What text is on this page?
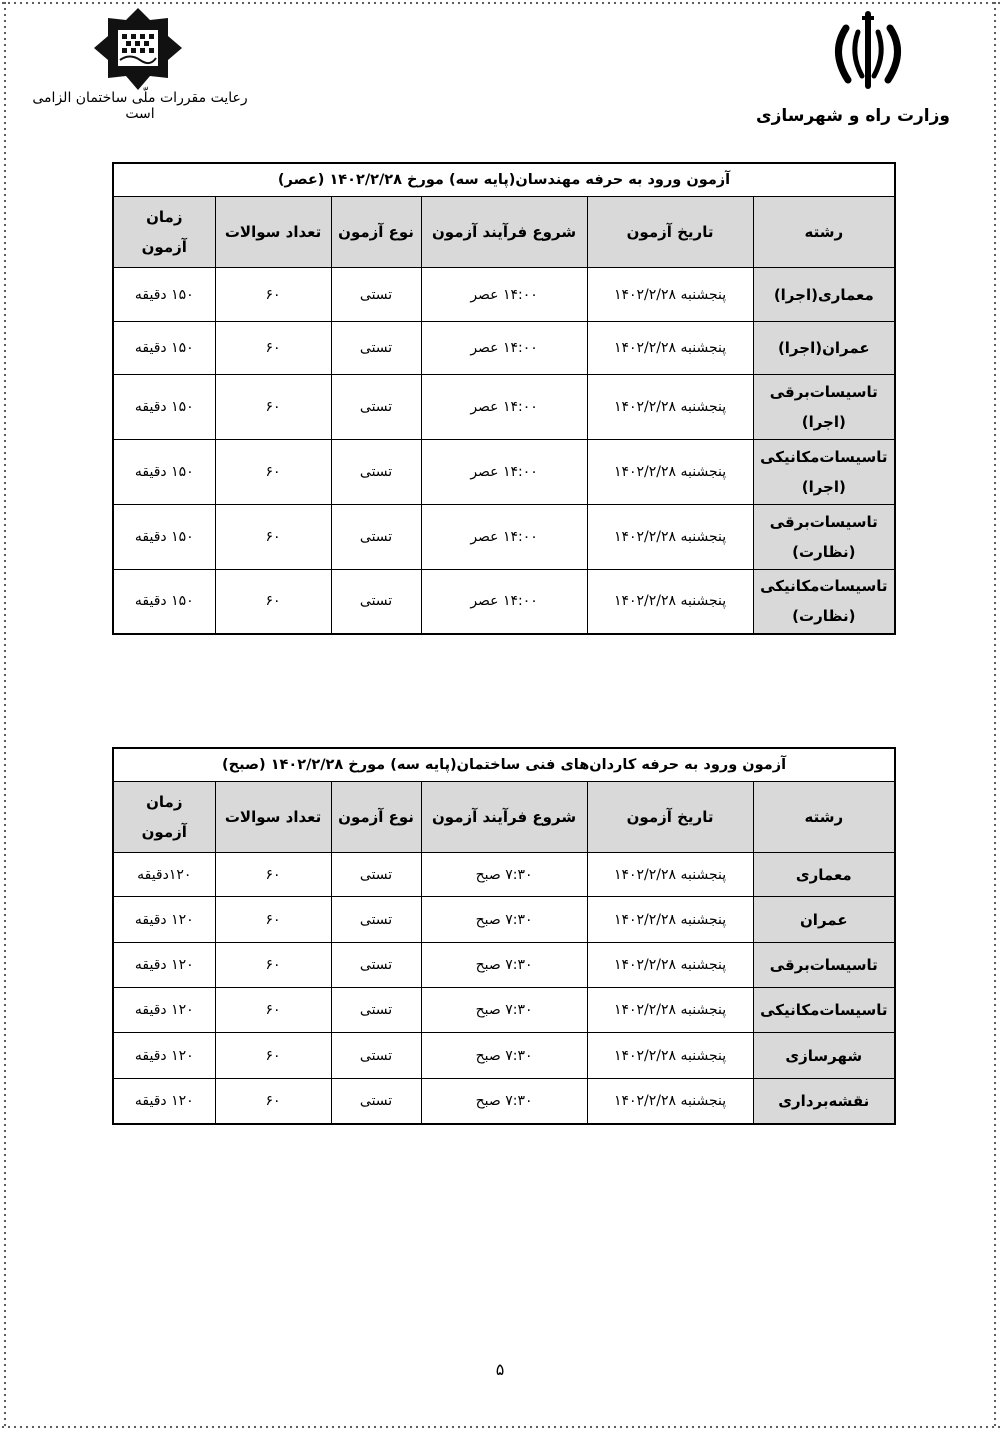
رعایت مقررات ملّی ساختمان الزامی است	وزارت راه و شهرسازی
آزمون ورود به حرفه مهندسان(پایه سه) مورخ ۱۴۰۲/۲/۲۸ (عصر)					
رشته	تاریخ آزمون	شروع فرآیند آزمون	نوع آزمون	تعداد سوالات	زمان آزمون
معماری(اجرا)	پنجشنبه ۱۴۰۲/۲/۲۸	۱۴:۰۰ عصر	تستی	۶۰	۱۵۰ دقیقه
عمران(اجرا)	پنجشنبه ۱۴۰۲/۲/۲۸	۱۴:۰۰ عصر	تستی	۶۰	۱۵۰ دقیقه
تاسیسات‌برقی (اجرا)	پنجشنبه ۱۴۰۲/۲/۲۸	۱۴:۰۰ عصر	تستی	۶۰	۱۵۰ دقیقه
تاسیسات‌مکانیکی (اجرا)	پنجشنبه ۱۴۰۲/۲/۲۸	۱۴:۰۰ عصر	تستی	۶۰	۱۵۰ دقیقه
تاسیسات‌برقی (نظارت)	پنجشنبه ۱۴۰۲/۲/۲۸	۱۴:۰۰ عصر	تستی	۶۰	۱۵۰ دقیقه
تاسیسات‌مکانیکی (نظارت)	پنجشنبه ۱۴۰۲/۲/۲۸	۱۴:۰۰ عصر	تستی	۶۰	۱۵۰ دقیقه
آزمون ورود به حرفه کاردان‌های فنی ساختمان(پایه سه) مورخ ۱۴۰۲/۲/۲۸ (صبح)					
رشته	تاریخ آزمون	شروع فرآیند آزمون	نوع آزمون	تعداد سوالات	زمان آزمون
معماری	پنجشنبه ۱۴۰۲/۲/۲۸	۷:۳۰ صبح	تستی	۶۰	۱۲۰دقیقه
عمران	پنجشنبه ۱۴۰۲/۲/۲۸	۷:۳۰ صبح	تستی	۶۰	۱۲۰ دقیقه
تاسیسات‌برقی	پنجشنبه ۱۴۰۲/۲/۲۸	۷:۳۰ صبح	تستی	۶۰	۱۲۰ دقیقه
تاسیسات‌مکانیکی	پنجشنبه ۱۴۰۲/۲/۲۸	۷:۳۰ صبح	تستی	۶۰	۱۲۰ دقیقه
شهرسازی	پنجشنبه ۱۴۰۲/۲/۲۸	۷:۳۰ صبح	تستی	۶۰	۱۲۰ دقیقه
نقشه‌برداری	پنجشنبه ۱۴۰۲/۲/۲۸	۷:۳۰ صبح	تستی	۶۰	۱۲۰ دقیقه
۵
